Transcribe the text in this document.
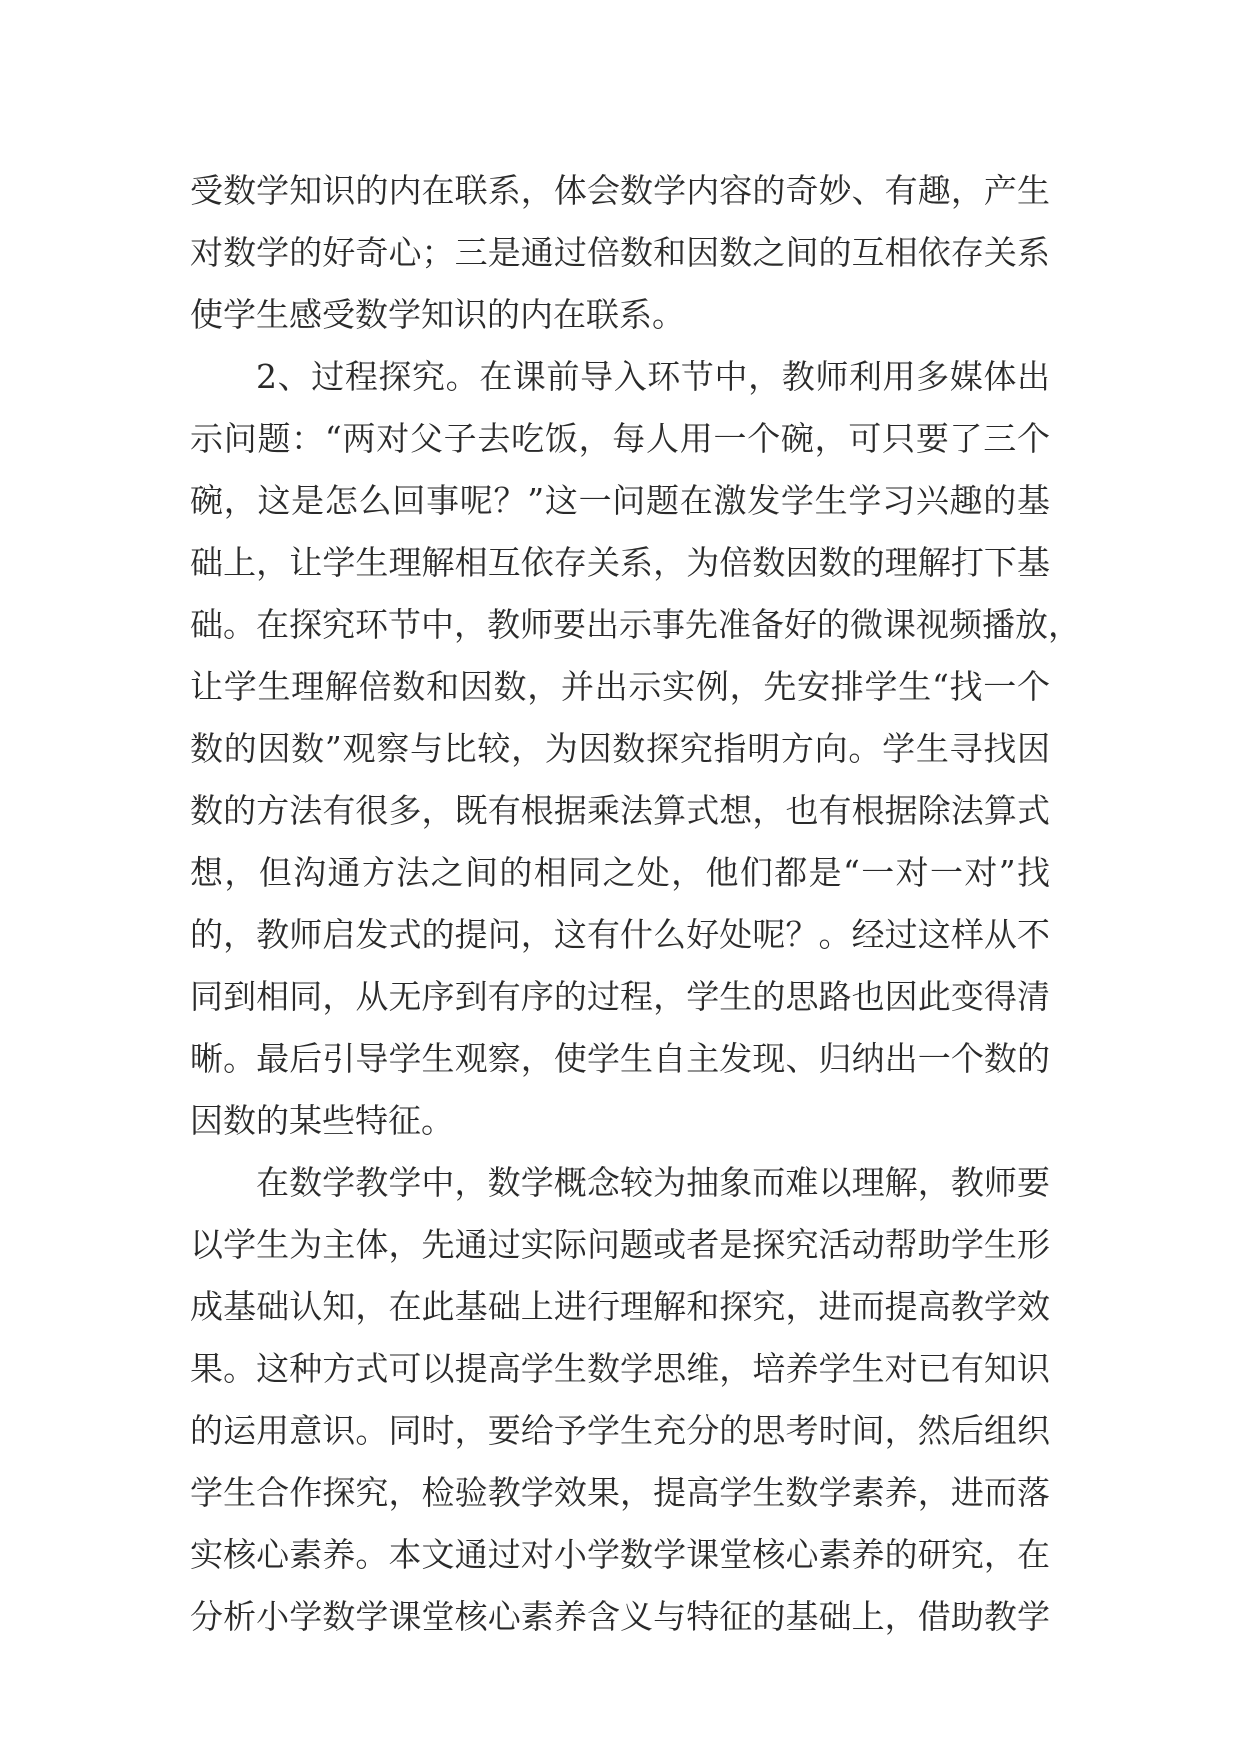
受数学知识的内在联系，体会数学内容的奇妙、有趣，产生
对数学的好奇心；三是通过倍数和因数之间的互相依存关系
使学生感受数学知识的内在联系。
2、过程探究。在课前导入环节中，教师利用多媒体出
示问题：“两对父子去吃饭，每人用一个碗，可只要了三个
碗，这是怎么回事呢？”这一问题在激发学生学习兴趣的基
础上，让学生理解相互依存关系，为倍数因数的理解打下基
础。在探究环节中，教师要出示事先准备好的微课视频播放，
让学生理解倍数和因数，并出示实例，先安排学生“找一个
数的因数”观察与比较，为因数探究指明方向。学生寻找因
数的方法有很多，既有根据乘法算式想，也有根据除法算式
想，但沟通方法之间的相同之处，他们都是“一对一对”找
的，教师启发式的提问，这有什么好处呢？。经过这样从不
同到相同，从无序到有序的过程，学生的思路也因此变得清
晰。最后引导学生观察，使学生自主发现、归纳出一个数的
因数的某些特征。
在数学教学中，数学概念较为抽象而难以理解，教师要
以学生为主体，先通过实际问题或者是探究活动帮助学生形
成基础认知，在此基础上进行理解和探究，进而提高教学效
果。这种方式可以提高学生数学思维，培养学生对已有知识
的运用意识。同时，要给予学生充分的思考时间，然后组织
学生合作探究，检验教学效果，提高学生数学素养，进而落
实核心素养。本文通过对小学数学课堂核心素养的研究，在
分析小学数学课堂核心素养含义与特征的基础上，借助教学
